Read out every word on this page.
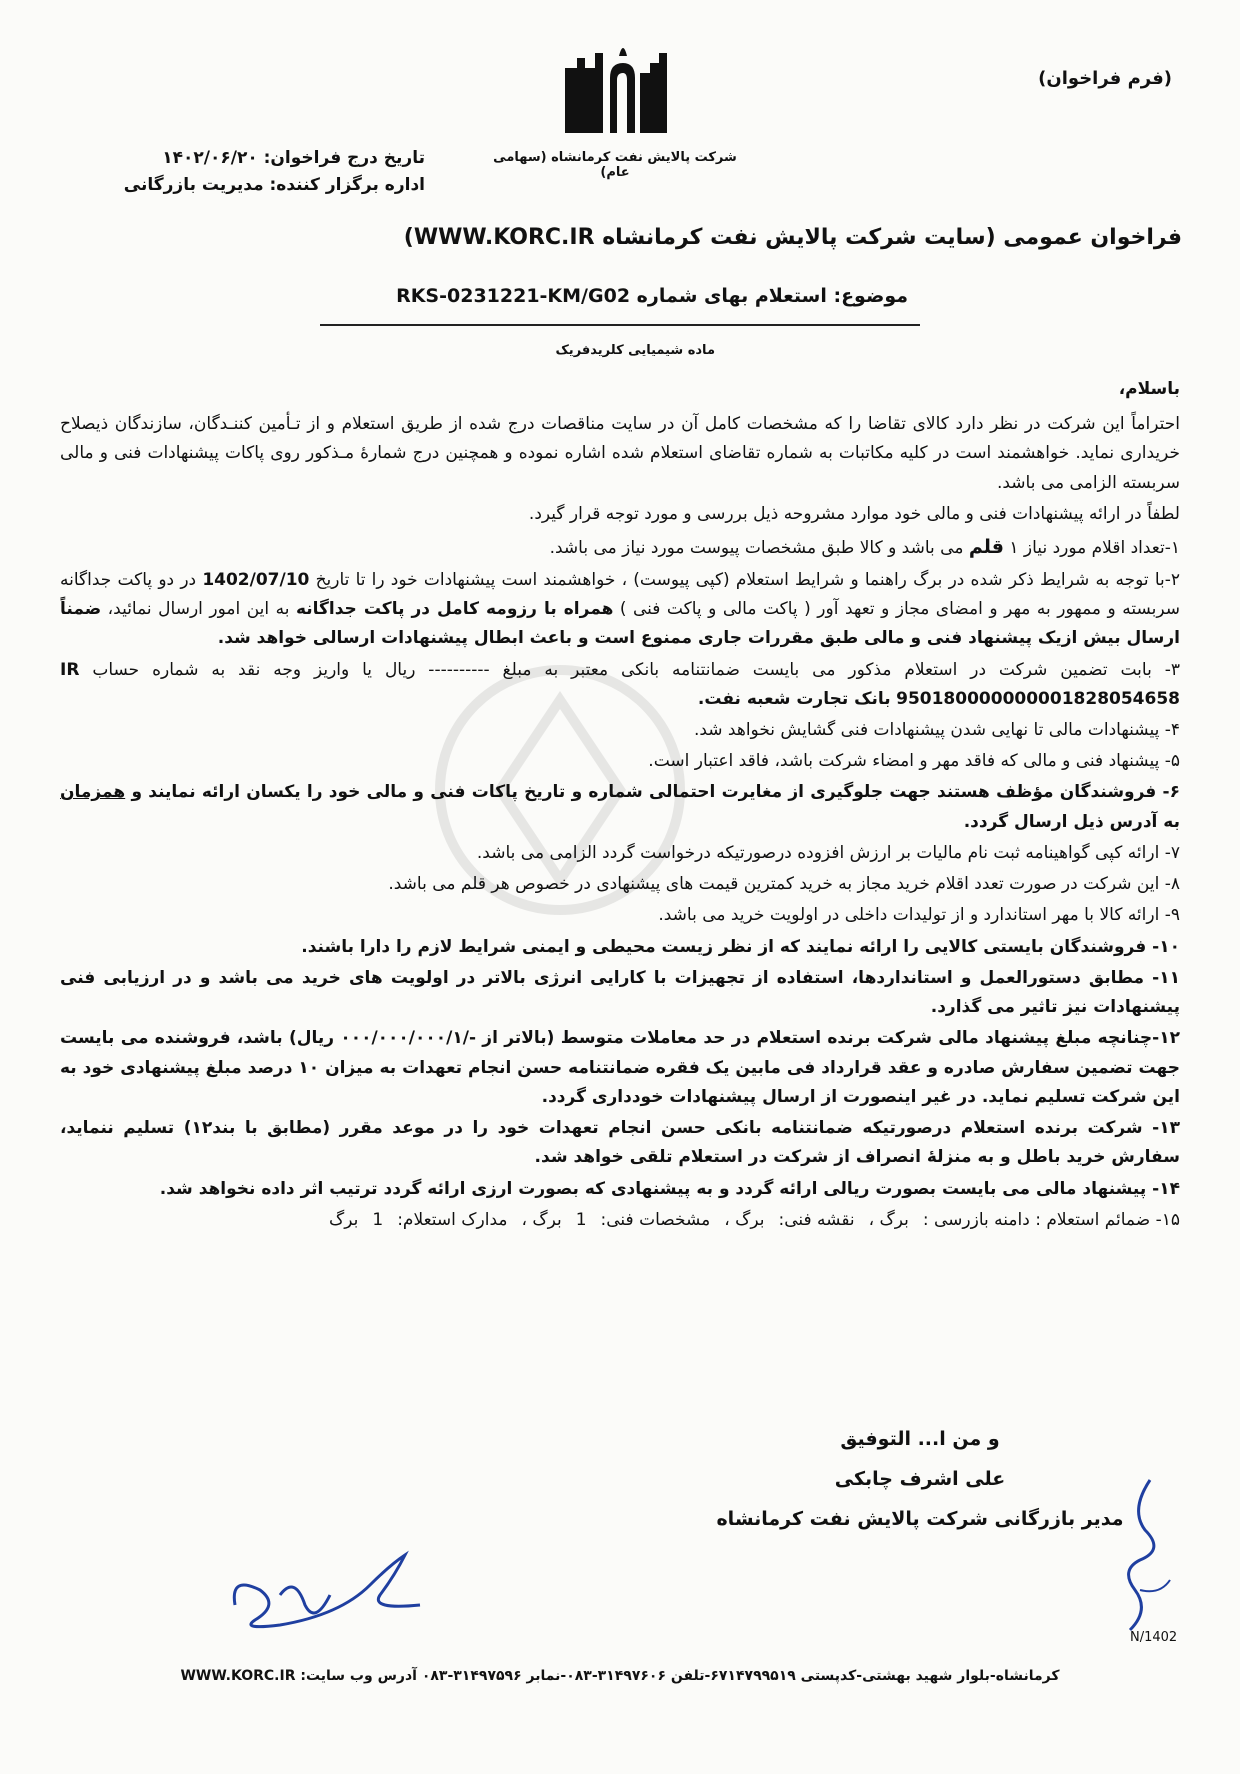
شرکت پالایش نفت کرمانشاه (سهامی عام)
(فرم فراخوان)
تاریخ درج فراخوان: ۱۴۰۲/۰۶/۲۰
اداره برگزار کننده: مدیریت بازرگانی
فراخوان عمومی (سایت شرکت پالایش نفت کرمانشاه WWW.KORC.IR)
موضوع: استعلام بهای شماره RKS-0231221-KM/G02
ماده شیمیایی کلریدفریک

باسلام،

احتراماً این شرکت در نظر دارد کالای تقاضا را که مشخصات کامل آن در سایت مناقصات درج شده از طریق استعلام و از تـأمین کننـدگان، سازندگان ذیصلاح خریداری نماید. خواهشمند است در کلیه مکاتبات به شماره تقاضای استعلام شده اشاره نموده و همچنین درج شمارهٔ مـذکور روی پاکات پیشنهادات فنی و مالی سربسته الزامی می باشد.

لطفاً در ارائه پیشنهادات فنی و مالی خود موارد مشروحه ذیل بررسی و مورد توجه قرار گیرد.

۱-تعداد اقلام مورد نیاز ۱ قلم می باشد و کالا طبق مشخصات پیوست مورد نیاز می باشد.

۲-با توجه به شرایط ذکر شده در برگ راهنما و شرایط استعلام (کپی پیوست) ، خواهشمند است پیشنهادات خود را تا تاریخ 1402/07/10 در دو پاکت جداگانه سربسته و ممهور به مهر و امضای مجاز و تعهد آور ( پاکت مالی و پاکت فنی ) همراه با رزومه کامل در پاکت جداگانه به این امور ارسال نمائید، ضمناً ارسال بیش ازیک پیشنهاد فنی و مالی طبق مقررات جاری ممنوع است و باعث ابطال پیشنهادات ارسالی خواهد شد.

۳- بابت تضمین شرکت در استعلام مذکور می بایست ضمانتنامه بانکی معتبر به مبلغ ---------- ریال یا واریز وجه نقد به شماره حساب IR 950180000000001828054658 بانک تجارت شعبه نفت.

۴- پیشنهادات مالی تا نهایی شدن پیشنهادات فنی گشایش نخواهد شد.

۵- پیشنهاد فنی و مالی که فاقد مهر و امضاء شرکت باشد، فاقد اعتبار است.

۶- فروشندگان مؤظف هستند جهت جلوگیری از مغایرت احتمالی شماره و تاریخ پاکات فنی و مالی خود را یکسان ارائه نمایند و همزمان به آدرس ذیل ارسال گردد.

۷- ارائه کپی گواهینامه ثبت نام مالیات بر ارزش افزوده درصورتیکه درخواست گردد الزامی می باشد.

۸- این شرکت در صورت تعدد اقلام خرید مجاز به خرید کمترین قیمت های پیشنهادی در خصوص هر قلم می باشد.

۹- ارائه کالا با مهر استاندارد و از تولیدات داخلی در اولویت خرید می باشد.

۱۰- فروشندگان بایستی کالایی را ارائه نمایند که از نظر زیست محیطی و ایمنی شرایط لازم را دارا باشند.

۱۱- مطابق دستورالعمل و استانداردها، استفاده از تجهیزات با کارایی انرژی بالاتر در اولویت های خرید می باشد و در ارزیابی فنی پیشنهادات نیز تاثیر می گذارد.

۱۲-چنانچه مبلغ پیشنهاد مالی شرکت برنده استعلام در حد معاملات متوسط (بالاتر از -/۰۰۰/۰۰۰/۰۰۰/۱ ریال) باشد، فروشنده می بایست جهت تضمین سفارش صادره و عقد قرارداد فی مابین یک فقره ضمانتنامه حسن انجام تعهدات به میزان ۱۰ درصد مبلغ پیشنهادی خود به این شرکت تسلیم نماید. در غیر اینصورت از ارسال پیشنهادات خودداری گردد.

۱۳- شرکت برنده استعلام درصورتیکه ضمانتنامه بانکی حسن انجام تعهدات خود را در موعد مقرر (مطابق با بند۱۲) تسلیم ننماید، سفارش خرید باطل و به منزلهٔ انصراف از شرکت در استعلام تلقی خواهد شد.

۱۴- پیشنهاد مالی می بایست بصورت ریالی ارائه گردد و به پیشنهادی که بصورت ارزی ارائه گردد ترتیب اثر داده نخواهد شد.

۱۵- ضمائم استعلام : دامنه بازرسی :
برگ ،
نقشه فنی:
برگ ،
مشخصات فنی:
1
برگ ،
مدارک استعلام:
1
برگ

و من ا... التوفیق
علی اشرف چابکی
مدیر بازرگانی شرکت پالایش نفت کرمانشاه
N/1402
کرمانشاه-بلوار شهید بهشتی-کدپستی ۶۷۱۴۷۹۹۵۱۹-تلفن ۳۱۴۹۷۶۰۶-۰۸۳-نمابر ۳۱۴۹۷۵۹۶-۰۸۳ آدرس وب سایت: WWW.KORC.IR
